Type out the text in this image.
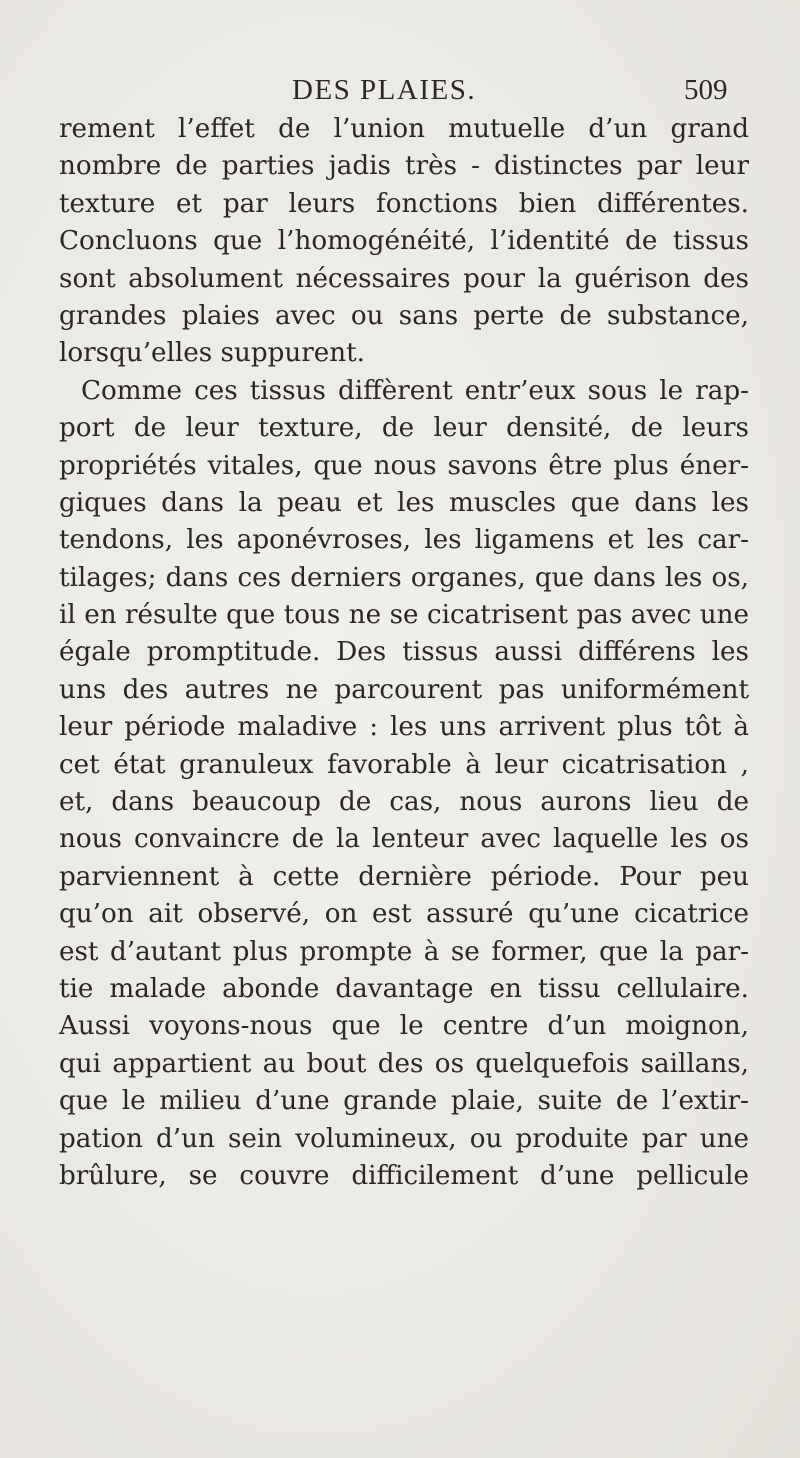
DES PLAIES.	509
rement l’effet de l’union mutuelle d’un grand
nombre de parties jadis très - distinctes par leur
texture et par leurs fonctions bien différentes.
Concluons que l’homogénéité, l’identité de tissus
sont absolument nécessaires pour la guérison des
grandes plaies avec ou sans perte de substance,
lorsqu’elles suppurent.
Comme ces tissus diffèrent entr’eux sous le rap-
port de leur texture, de leur densité, de leurs
propriétés vitales, que nous savons être plus éner-
giques dans la peau et les muscles que dans les
tendons, les aponévroses, les ligamens et les car-
tilages; dans ces derniers organes, que dans les os,
il en résulte que tous ne se cicatrisent pas avec une
égale promptitude. Des tissus aussi différens les
uns des autres ne parcourent pas uniformément
leur période maladive : les uns arrivent plus tôt à
cet état granuleux favorable à leur cicatrisation ,
et, dans beaucoup de cas, nous aurons lieu de
nous convaincre de la lenteur avec laquelle les os
parviennent à cette dernière période. Pour peu
qu’on ait observé, on est assuré qu’une cicatrice
est d’autant plus prompte à se former, que la par-
tie malade abonde davantage en tissu cellulaire.
Aussi voyons-nous que le centre d’un moignon,
qui appartient au bout des os quelquefois saillans,
que le milieu d’une grande plaie, suite de l’extir-
pation d’un sein volumineux, ou produite par une
brûlure, se couvre difficilement d’une pellicule
